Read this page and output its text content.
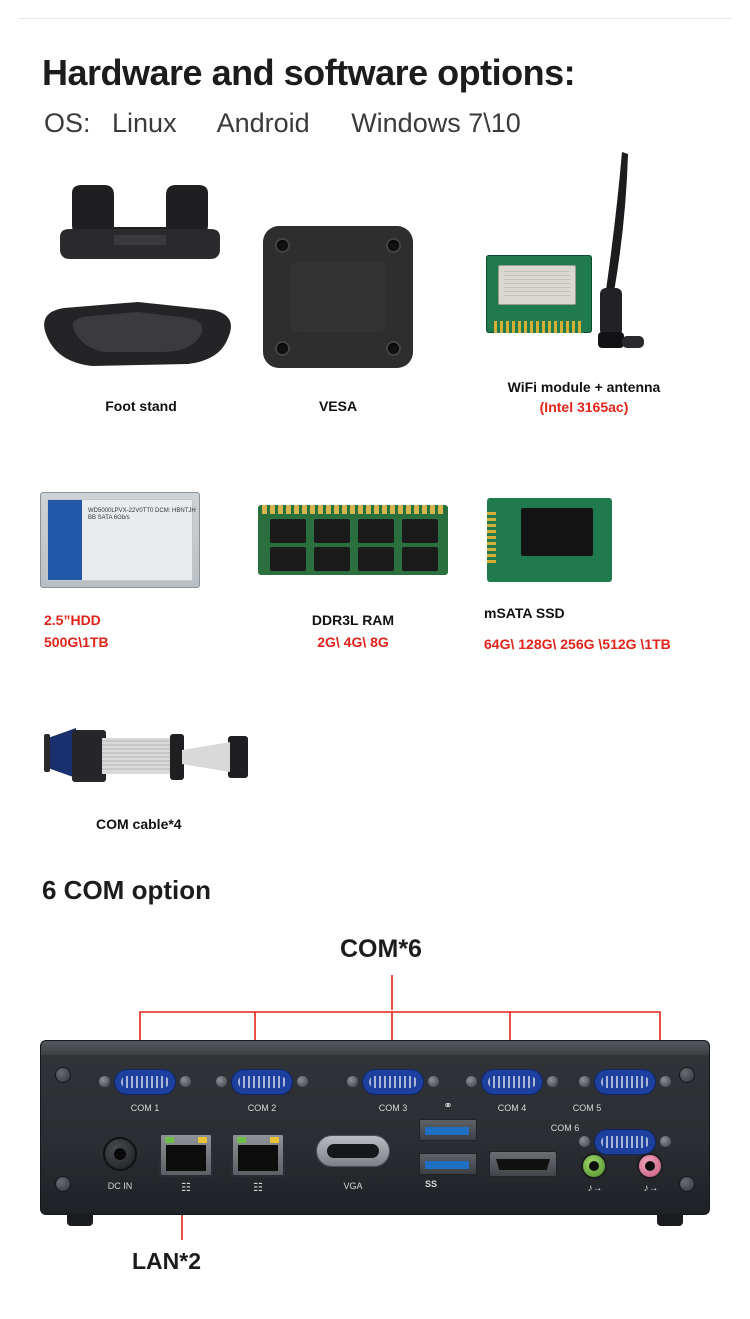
Hardware and software options:
OS: Linux Android Windows 7\10
Foot stand	VESA
WiFi module + antenna
(Intel 3165ac)
WD5000LPVX-22V0TT0 DCM: HBNTJHBB SATA 6Gb/s
2.5”HDD
500G\1TB
DDR3L RAM
2G\ 4G\ 8G
mSATA SSD
64G\ 128G\ 256G \512G \1TB
COM cable*4
6 COM option
COM*6
LAN*2
COM 1	COM 2	COM 3	COM 4	COM 5
COM 6
DC IN	☷	☷	VGA
⚭
SS	♪→	♪→
